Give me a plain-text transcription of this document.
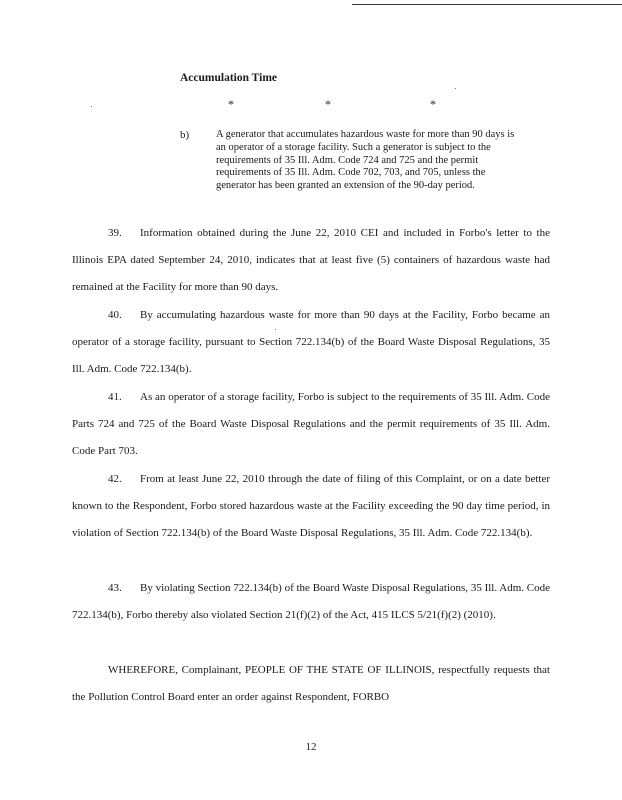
Accumulation Time
*	*	*
b)	A generator that accumulates hazardous waste for more than 90 days is an operator of a storage facility. Such a generator is subject to the requirements of 35 Ill. Adm. Code 724 and 725 and the permit requirements of 35 Ill. Adm. Code 702, 703, and 705, unless the generator has been granted an extension of the 90-day period.

39. Information obtained during the June 22, 2010 CEI and included in Forbo's letter to the Illinois EPA dated September 24, 2010, indicates that at least five (5) containers of hazardous waste had remained at the Facility for more than 90 days.

40. By accumulating hazardous waste for more than 90 days at the Facility, Forbo became an operator of a storage facility, pursuant to Section 722.134(b) of the Board Waste Disposal Regulations, 35 Ill. Adm. Code 722.134(b).

41. As an operator of a storage facility, Forbo is subject to the requirements of 35 Ill. Adm. Code Parts 724 and 725 of the Board Waste Disposal Regulations and the permit requirements of 35 Ill. Adm. Code Part 703.

42. From at least June 22, 2010 through the date of filing of this Complaint, or on a date better known to the Respondent, Forbo stored hazardous waste at the Facility exceeding the 90 day time period, in violation of Section 722.134(b) of the Board Waste Disposal Regulations, 35 Ill. Adm. Code 722.134(b).

43. By violating Section 722.134(b) of the Board Waste Disposal Regulations, 35 Ill. Adm. Code 722.134(b), Forbo thereby also violated Section 21(f)(2) of the Act, 415 ILCS 5/21(f)(2) (2010).

WHEREFORE, Complainant, PEOPLE OF THE STATE OF ILLINOIS, respectfully requests that the Pollution Control Board enter an order against Respondent, FORBO

12
